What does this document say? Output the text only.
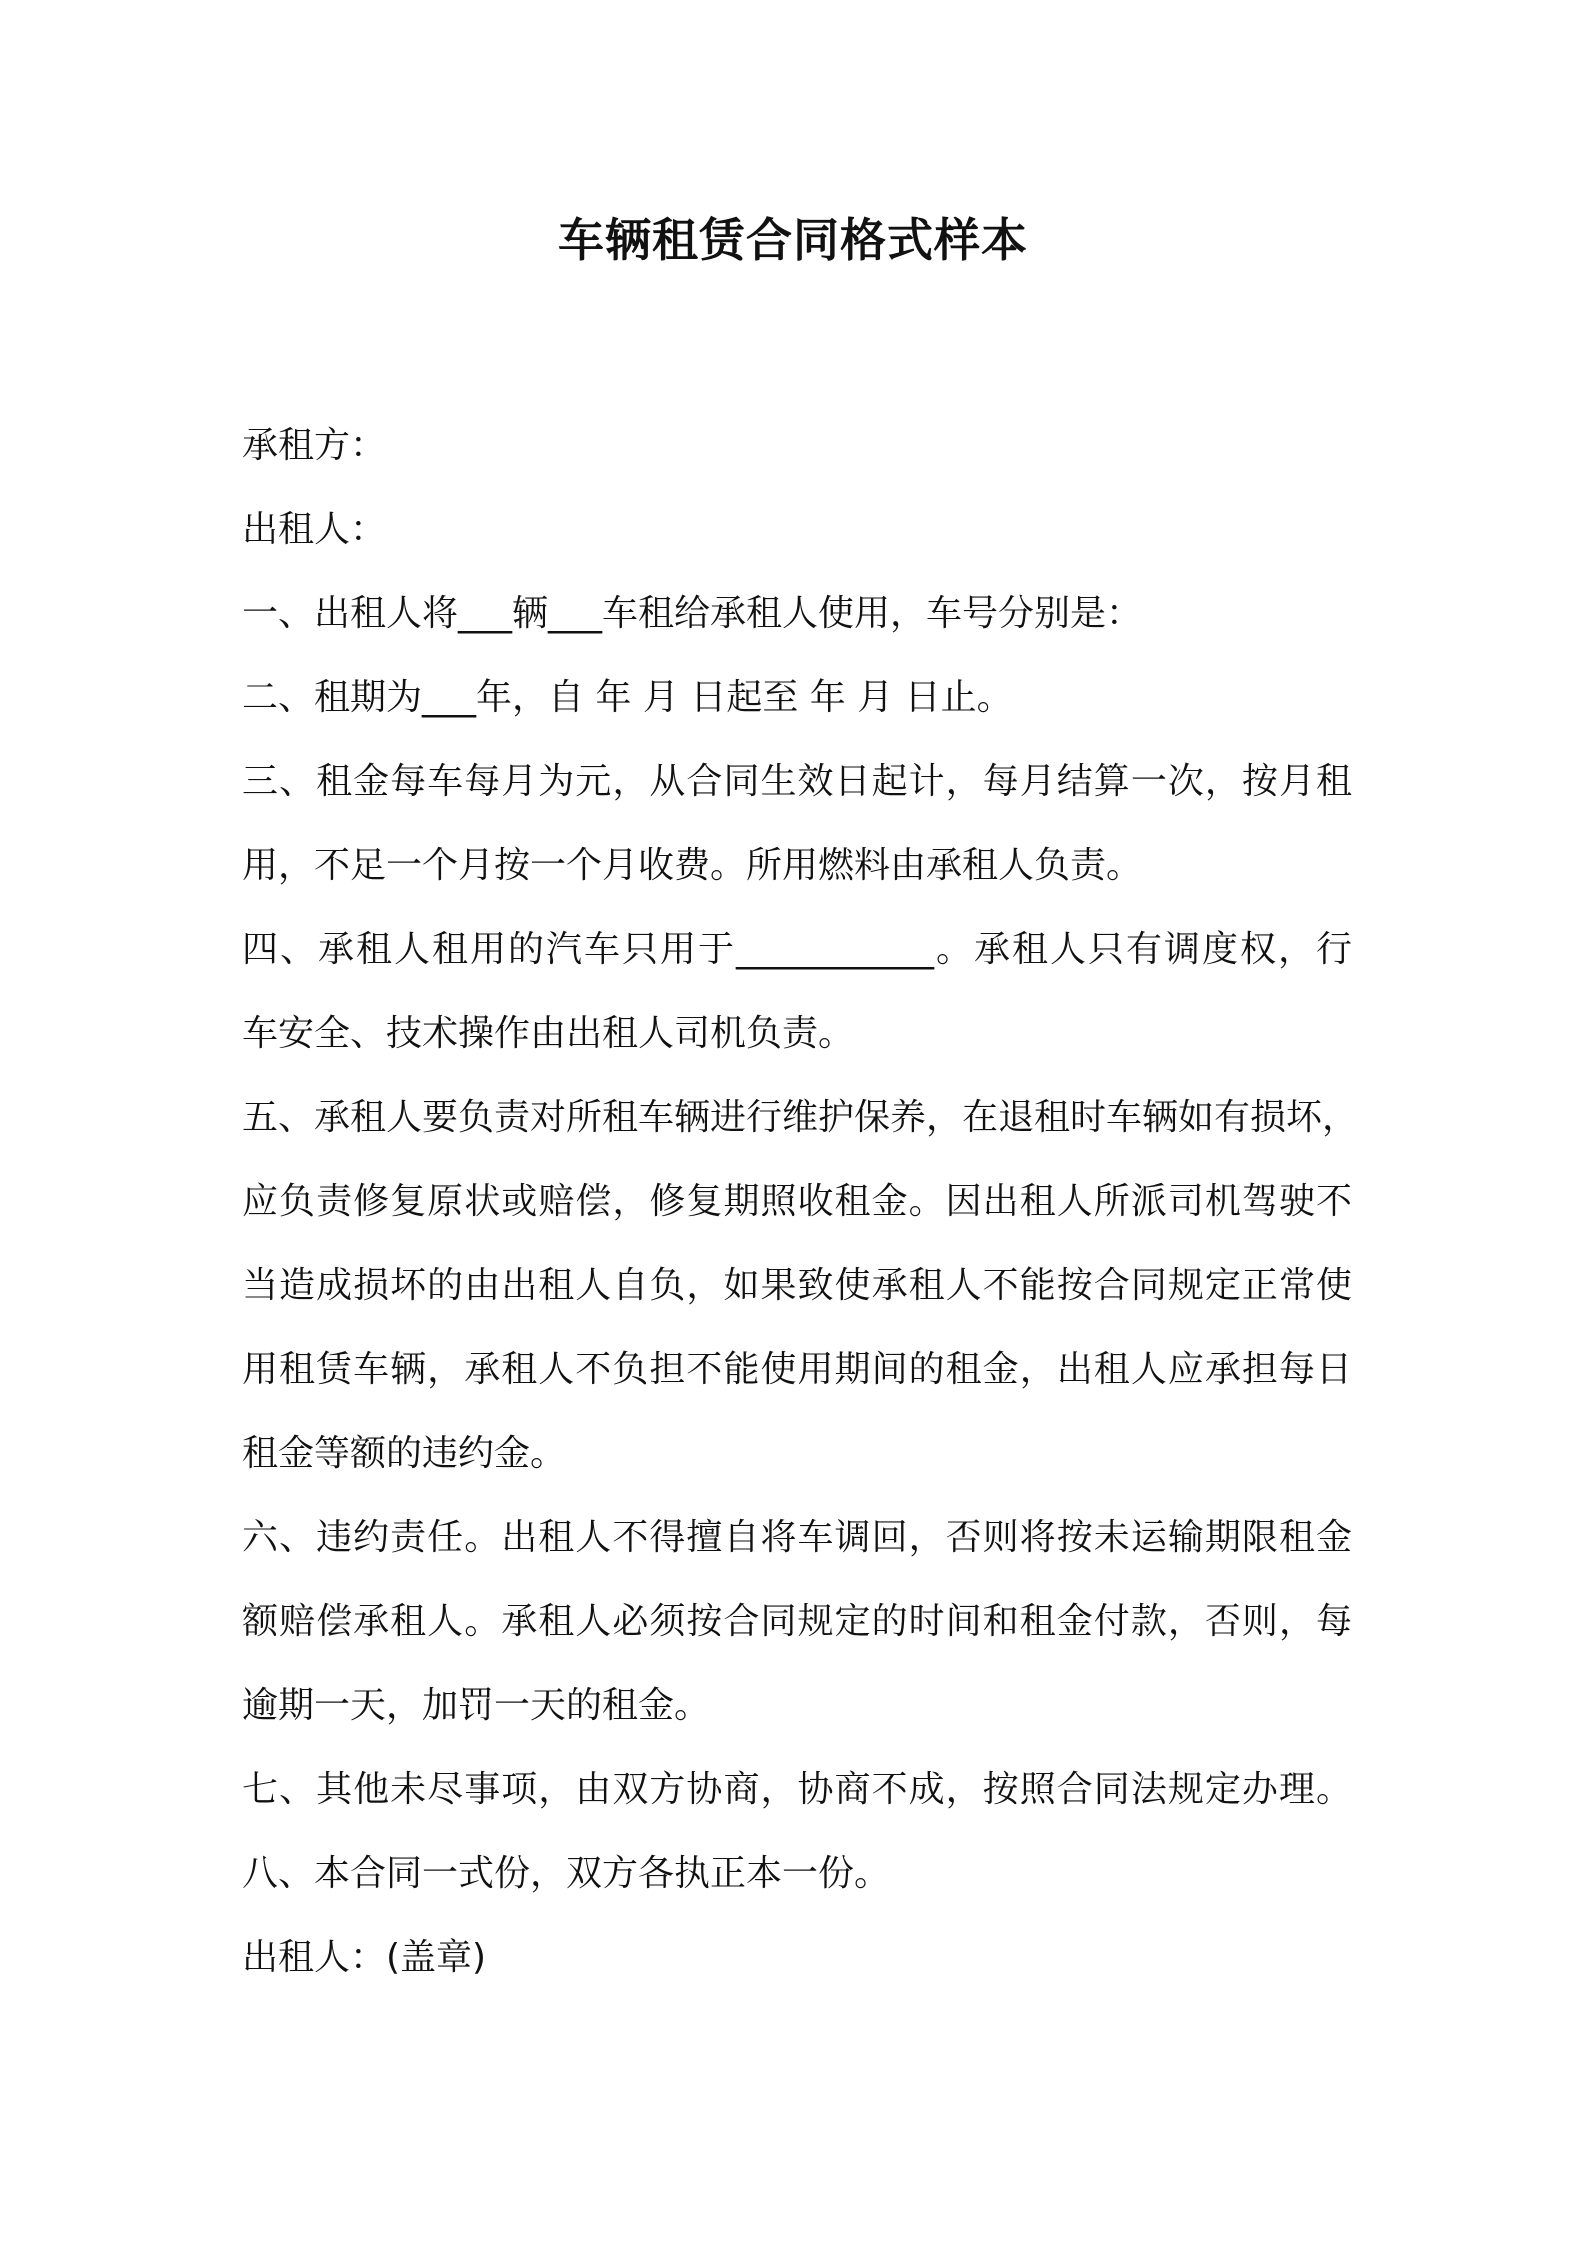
车辆租赁合同格式样本
承租方：
出租人：
一、出租人将___辆___车租给承租人使用，车号分别是：
二、租期为___年，自 年 月 日起至 年 月 日止。
三、租金每车每月为元，从合同生效日起计，每月结算一次，按月租
用，不足一个月按一个月收费。所用燃料由承租人负责。
四、承租人租用的汽车只用于___________。承租人只有调度权，行
车安全、技术操作由出租人司机负责。
五、承租人要负责对所租车辆进行维护保养，在退租时车辆如有损坏，
应负责修复原状或赔偿，修复期照收租金。因出租人所派司机驾驶不
当造成损坏的由出租人自负，如果致使承租人不能按合同规定正常使
用租赁车辆，承租人不负担不能使用期间的租金，出租人应承担每日
租金等额的违约金。
六、违约责任。出租人不得擅自将车调回，否则将按未运输期限租金
额赔偿承租人。承租人必须按合同规定的时间和租金付款，否则，每
逾期一天，加罚一天的租金。
七、其他未尽事项，由双方协商，协商不成，按照合同法规定办理。
八、本合同一式份，双方各执正本一份。
出租人：(盖章)
